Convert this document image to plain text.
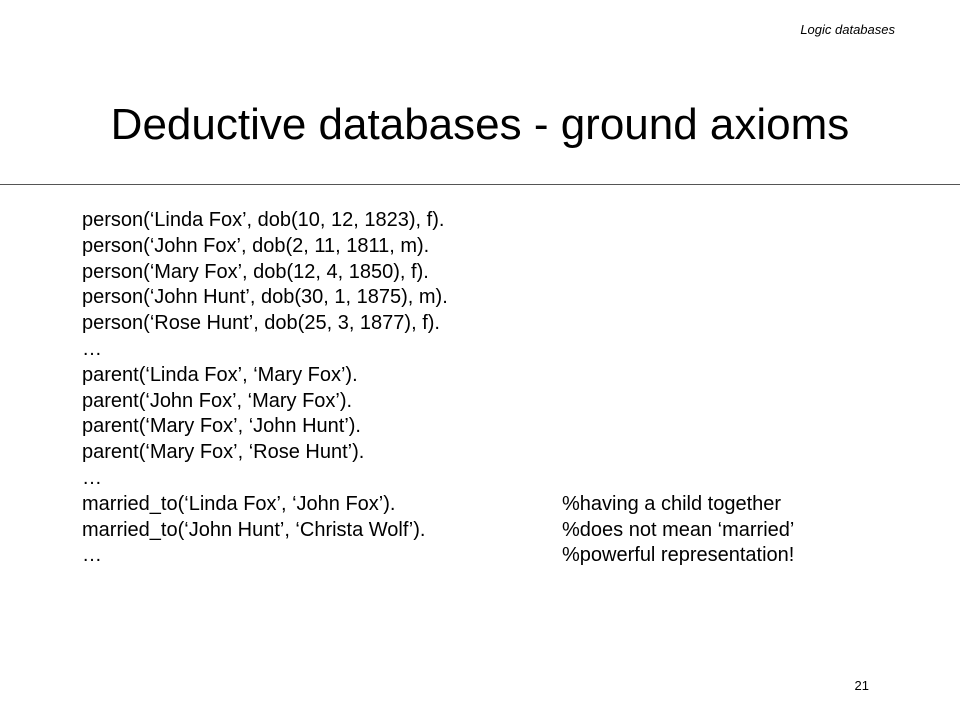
Logic databases
Deductive databases - ground axioms
person(‘Linda Fox’, dob(10, 12, 1823), f).
person(‘John Fox’, dob(2, 11, 1811, m).
person(‘Mary Fox’, dob(12, 4, 1850), f).
person(‘John Hunt’, dob(30, 1, 1875), m).
person(‘Rose Hunt’, dob(25, 3, 1877), f).
…
parent(‘Linda Fox’, ‘Mary Fox’).
parent(‘John Fox’, ‘Mary Fox’).
parent(‘Mary Fox’, ‘John Hunt’).
parent(‘Mary Fox’, ‘Rose Hunt’).
…
married_to(‘Linda Fox’, ‘John Fox’).	%having a child together
married_to(‘John Hunt’, ‘Christa Wolf’).	%does not mean ‘married’
…	%powerful representation!
21
